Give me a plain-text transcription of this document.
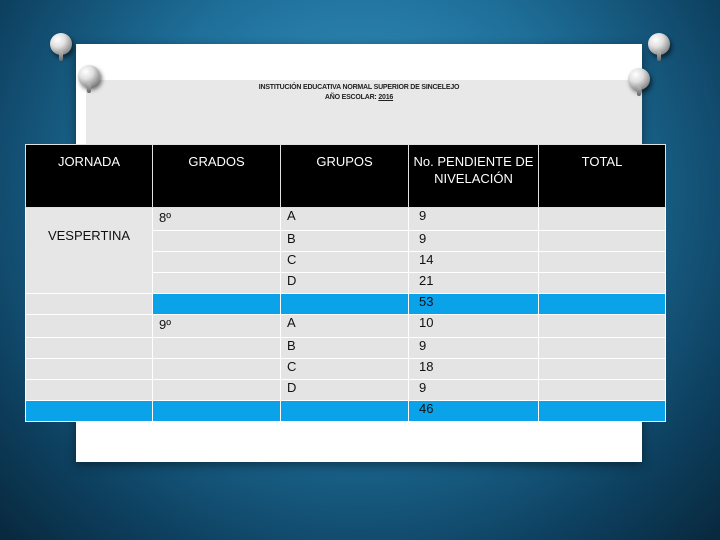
INSTITUCIÓN EDUCATIVA NORMAL SUPERIOR DE SINCELEJO
AÑO ESCOLAR: 2016
JORNADA	GRADOS	GRUPOS	No. PENDIENTE DE NIVELACIÓN	TOTAL
VESPERTINA	8º	A	9	
		B	9	
		C	14	
		D	21	
			53	
	9º	A	10	
		B	9	
		C	18	
		D	9	
			46	
